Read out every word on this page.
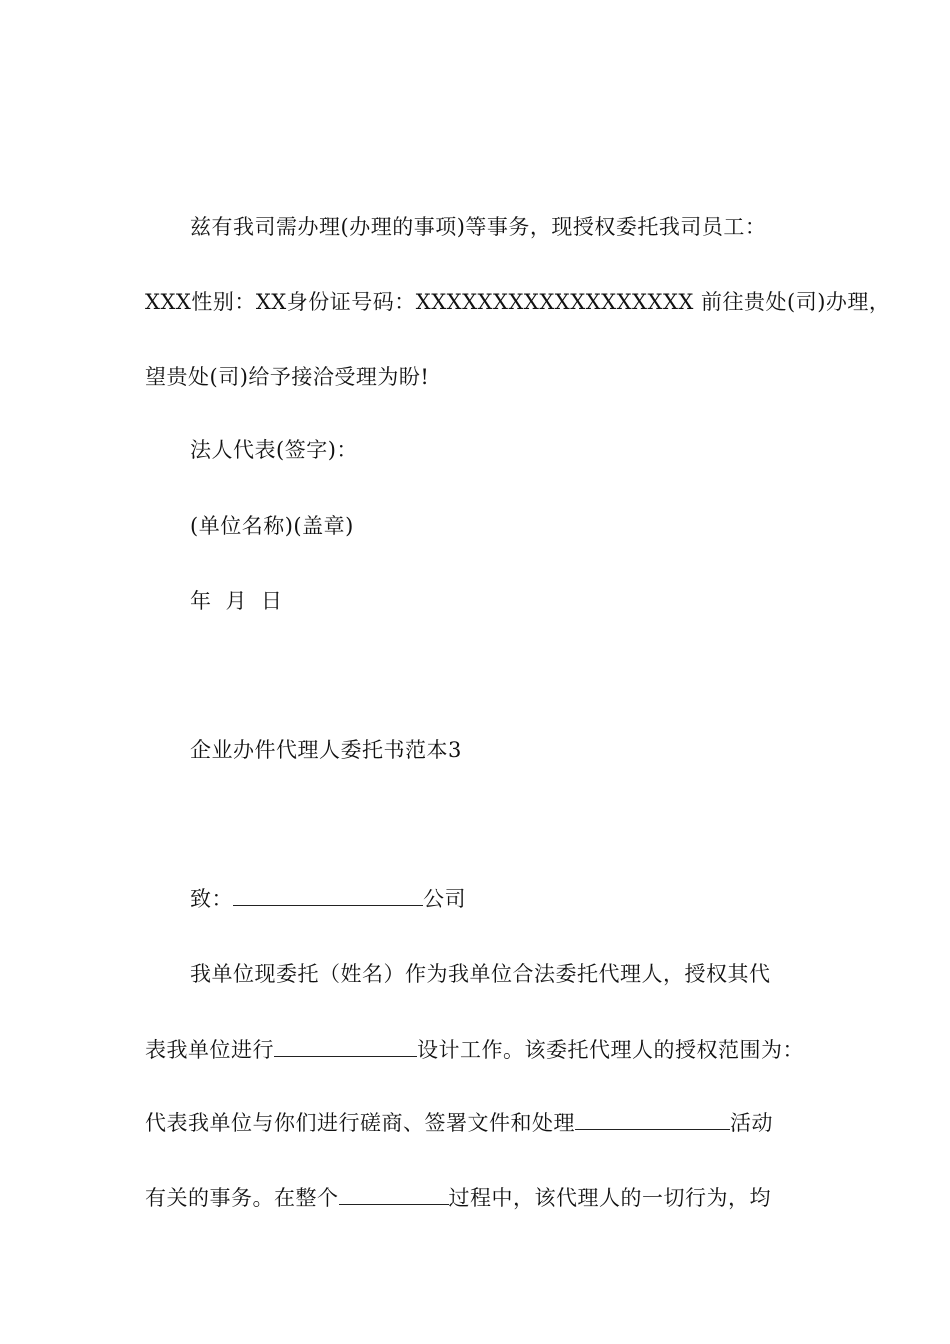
兹有我司需办理(办理的事项)等事务，现授权委托我司员工：
XXX性别：XX身份证号码：XXXXXXXXXXXXXXXXXX 前往贵处(司)办理，
望贵处(司)给予接洽受理为盼!
法人代表(签字)：
(单位名称)(盖章)
年 月 日
企业办件代理人委托书范本3
致：	公司
我单位现委托（姓名）作为我单位合法委托代理人，授权其代
表我单位进行	设计工作。该委托代理人的授权范围为：
代表我单位与你们进行磋商、签署文件和处理	活动
有关的事务。在整个	过程中，该代理人的一切行为，均
